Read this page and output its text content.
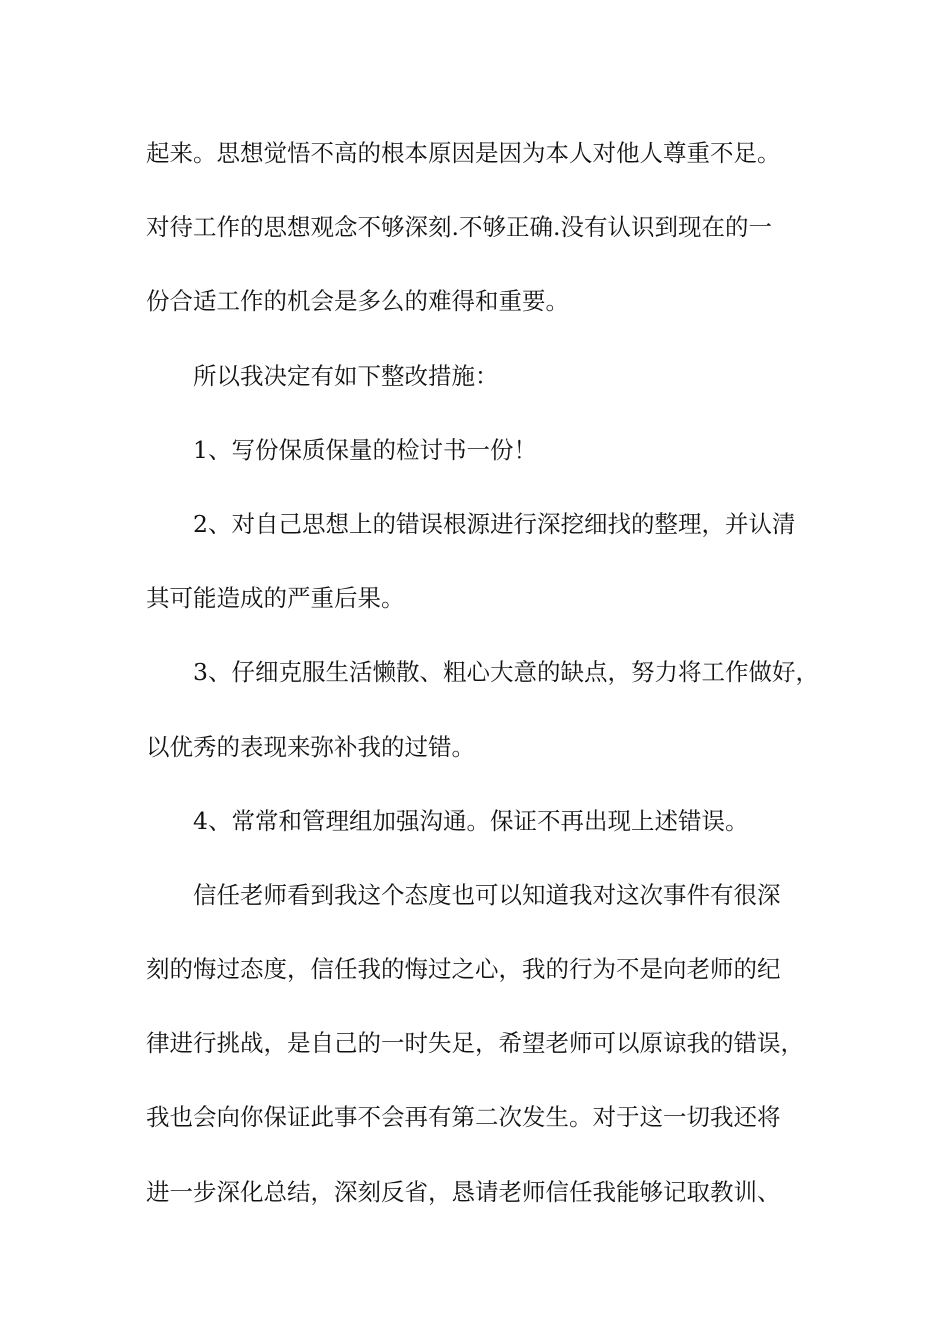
起来。思想觉悟不高的根本原因是因为本人对他人尊重不足。
对待工作的思想观念不够深刻.不够正确.没有认识到现在的一
份合适工作的机会是多么的难得和重要。
所以我决定有如下整改措施：
1、写份保质保量的检讨书一份！
2、对自己思想上的错误根源进行深挖细找的整理，并认清
其可能造成的严重后果。
3、仔细克服生活懒散、粗心大意的缺点，努力将工作做好，
以优秀的表现来弥补我的过错。
4、常常和管理组加强沟通。保证不再出现上述错误。
信任老师看到我这个态度也可以知道我对这次事件有很深
刻的悔过态度，信任我的悔过之心，我的行为不是向老师的纪
律进行挑战，是自己的一时失足，希望老师可以原谅我的错误，
我也会向你保证此事不会再有第二次发生。对于这一切我还将
进一步深化总结，深刻反省，恳请老师信任我能够记取教训、
